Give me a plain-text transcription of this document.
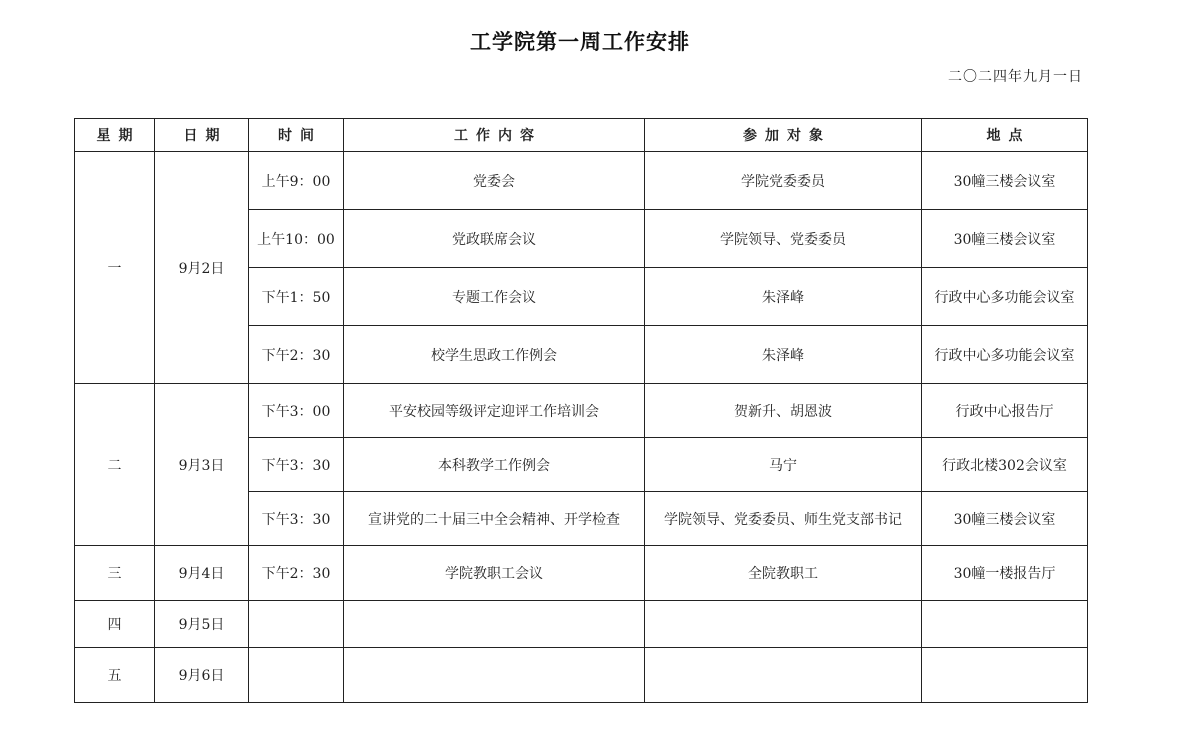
工学院第一周工作安排
二〇二四年九月一日
星期	日期	时间	工作内容	参加对象	地点
一	9月2日	上午9：00	党委会	学院党委委员	30幢三楼会议室
		上午10：00	党政联席会议	学院领导、党委委员	30幢三楼会议室
		下午1：50	专题工作会议	朱泽峰	行政中心多功能会议室
		下午2：30	校学生思政工作例会	朱泽峰	行政中心多功能会议室
二	9月3日	下午3：00	平安校园等级评定迎评工作培训会	贺新升、胡恩波	行政中心报告厅
		下午3：30	本科教学工作例会	马宁	行政北楼302会议室
		下午3：30	宣讲党的二十届三中全会精神、开学检查	学院领导、党委委员、师生党支部书记	30幢三楼会议室
三	9月4日	下午2：30	学院教职工会议	全院教职工	30幢一楼报告厅
四	9月5日				
五	9月6日				
